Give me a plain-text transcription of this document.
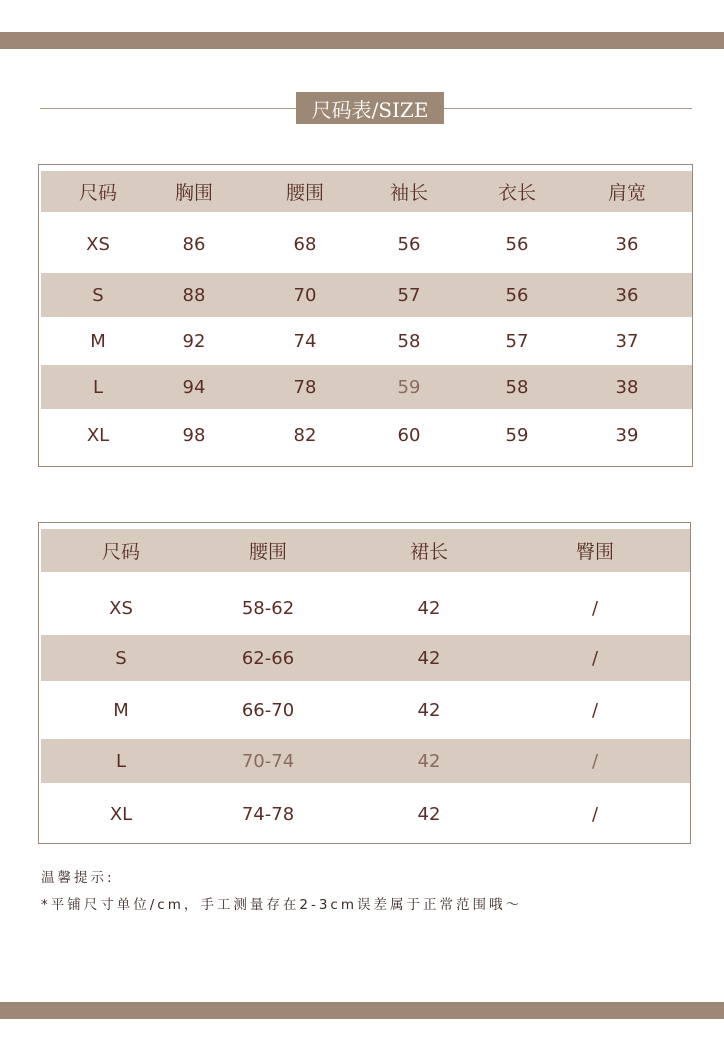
尺码表/SIZE
尺码	胸围	腰围	袖长	衣长	肩宽
XS	86	68	56	56	36
S	88	70	57	56	36
M	92	74	58	57	37
L	94	78	59	58	38
XL	98	82	60	59	39
尺码	腰围	裙长	臀围
XS	58-62	42	/
S	62-66	42	/
M	66-70	42	/
L	70-74	42	/
XL	74-78	42	/
温馨提示:
*平铺尺寸单位/cm，手工测量存在2-3cm误差属于正常范围哦～
